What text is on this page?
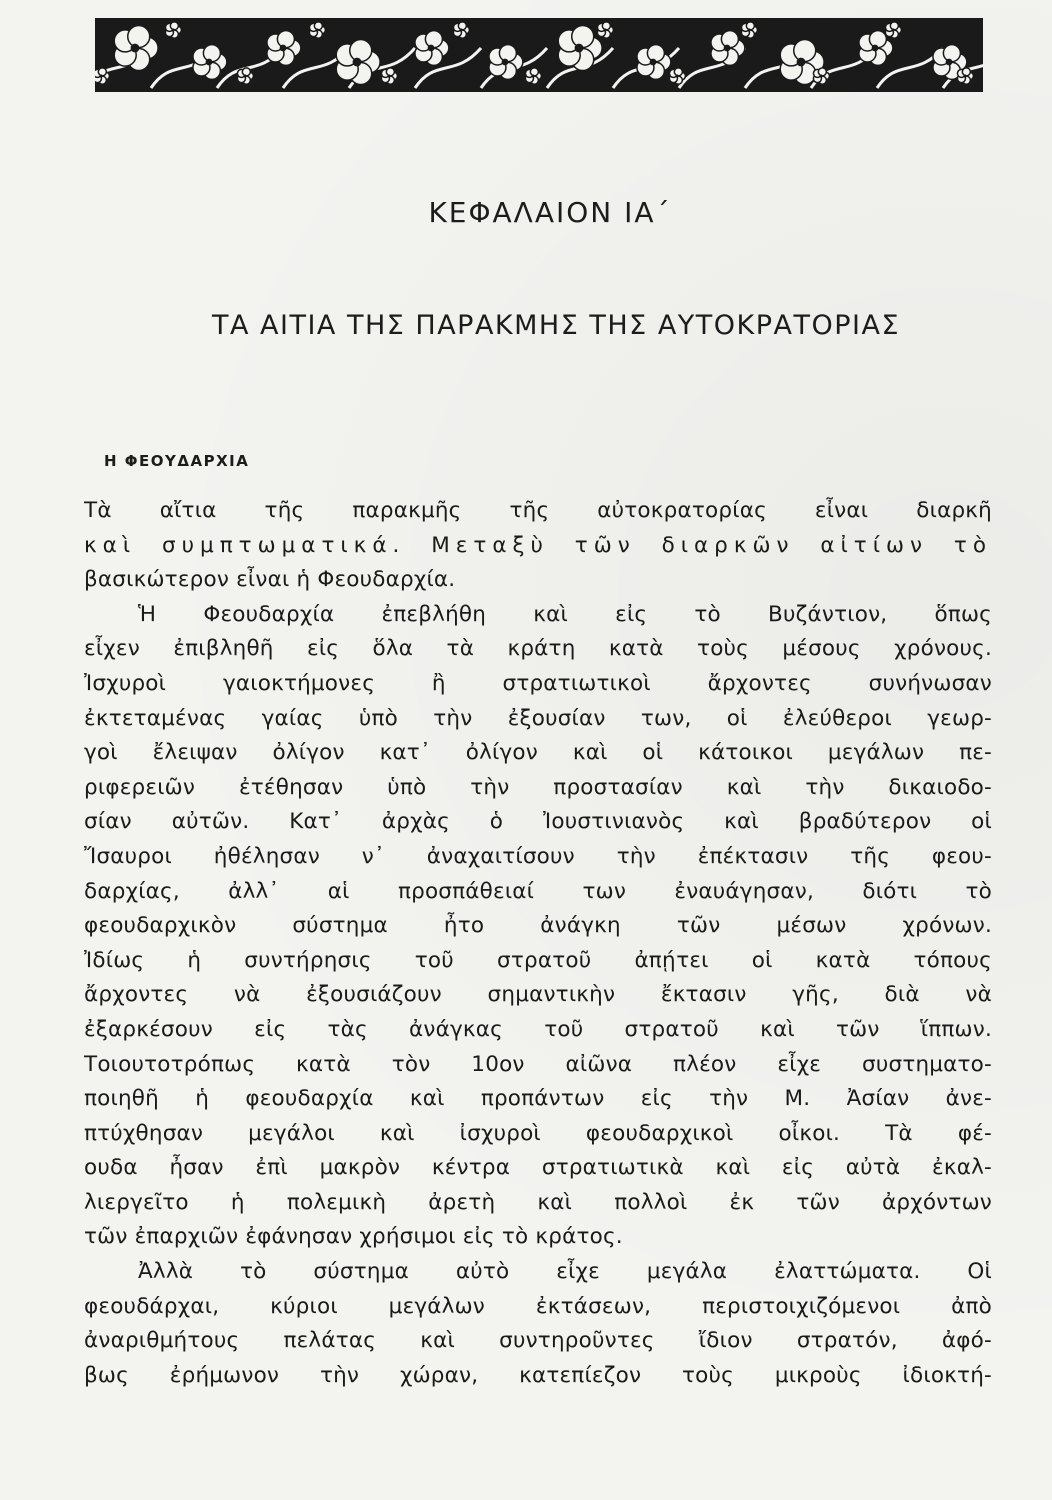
ΚΕΦΑΛΑΙΟΝ ΙΑ΄
ΤΑ ΑΙΤΙΑ ΤΗΣ ΠΑΡΑΚΜΗΣ ΤΗΣ ΑΥΤΟΚΡΑΤΟΡΙΑΣ
Η ΦΕΟΥΔΑΡΧΙΑ
Τὰ αἴτια τῆς παρακμῆς τῆς αὐτοκρατορίας εἶναι διαρκῆ
καὶ συμπτωματικά. Μεταξὺ τῶν διαρκῶν αἰτίων τὸ
βασικώτερον εἶναι ἡ Φεουδαρχία.
Ἡ Φεουδαρχία ἐπεβλήθη καὶ εἰς τὸ Βυζάντιον, ὅπως
εἶχεν ἐπιβληθῆ εἰς ὅλα τὰ κράτη κατὰ τοὺς μέσους χρόνους.
Ἰσχυροὶ γαιοκτήμονες ἢ στρατιωτικοὶ ἄρχοντες συνήνωσαν
ἐκτεταμένας γαίας ὑπὸ τὴν ἐξουσίαν των, οἱ ἐλεύθεροι γεωρ-
γοὶ ἔλειψαν ὀλίγον κατ᾽ ὀλίγον καὶ οἱ κάτοικοι μεγάλων πε-
ριφερειῶν ἐτέθησαν ὑπὸ τὴν προστασίαν καὶ τὴν δικαιοδο-
σίαν αὐτῶν. Κατ᾽ ἀρχὰς ὁ Ἰουστινιανὸς καὶ βραδύτερον οἱ
Ἴσαυροι ἠθέλησαν ν᾽ ἀναχαιτίσουν τὴν ἐπέκτασιν τῆς φεου-
δαρχίας, ἀλλ᾽ αἱ προσπάθειαί των ἐναυάγησαν, διότι τὸ
φεουδαρχικὸν σύστημα ἦτο ἀνάγκη τῶν μέσων χρόνων.
Ἰδίως ἡ συντήρησις τοῦ στρατοῦ ἀπῄτει οἱ κατὰ τόπους
ἄρχοντες νὰ ἐξουσιάζουν σημαντικὴν ἔκτασιν γῆς, διὰ νὰ
ἐξαρκέσουν εἰς τὰς ἀνάγκας τοῦ στρατοῦ καὶ τῶν ἵππων.
Τοιουτοτρόπως κατὰ τὸν 10ον αἰῶνα πλέον εἶχε συστηματο-
ποιηθῆ ἡ φεουδαρχία καὶ προπάντων εἰς τὴν Μ. Ἀσίαν ἀνε-
πτύχθησαν μεγάλοι καὶ ἰσχυροὶ φεουδαρχικοὶ οἶκοι. Τὰ φέ-
ουδα ἦσαν ἐπὶ μακρὸν κέντρα στρατιωτικὰ καὶ εἰς αὐτὰ ἐκαλ-
λιεργεῖτο ἡ πολεμικὴ ἀρετὴ καὶ πολλοὶ ἐκ τῶν ἀρχόντων
τῶν ἐπαρχιῶν ἐφάνησαν χρήσιμοι εἰς τὸ κράτος.
Ἀλλὰ τὸ σύστημα αὐτὸ εἶχε μεγάλα ἐλαττώματα. Οἱ
φεουδάρχαι, κύριοι μεγάλων ἐκτάσεων, περιστοιχιζόμενοι ἀπὸ
ἀναριθμήτους πελάτας καὶ συντηροῦντες ἴδιον στρατόν, ἀφό-
βως ἐρήμωνον τὴν χώραν, κατεπίεζον τοὺς μικροὺς ἰδιοκτή-
